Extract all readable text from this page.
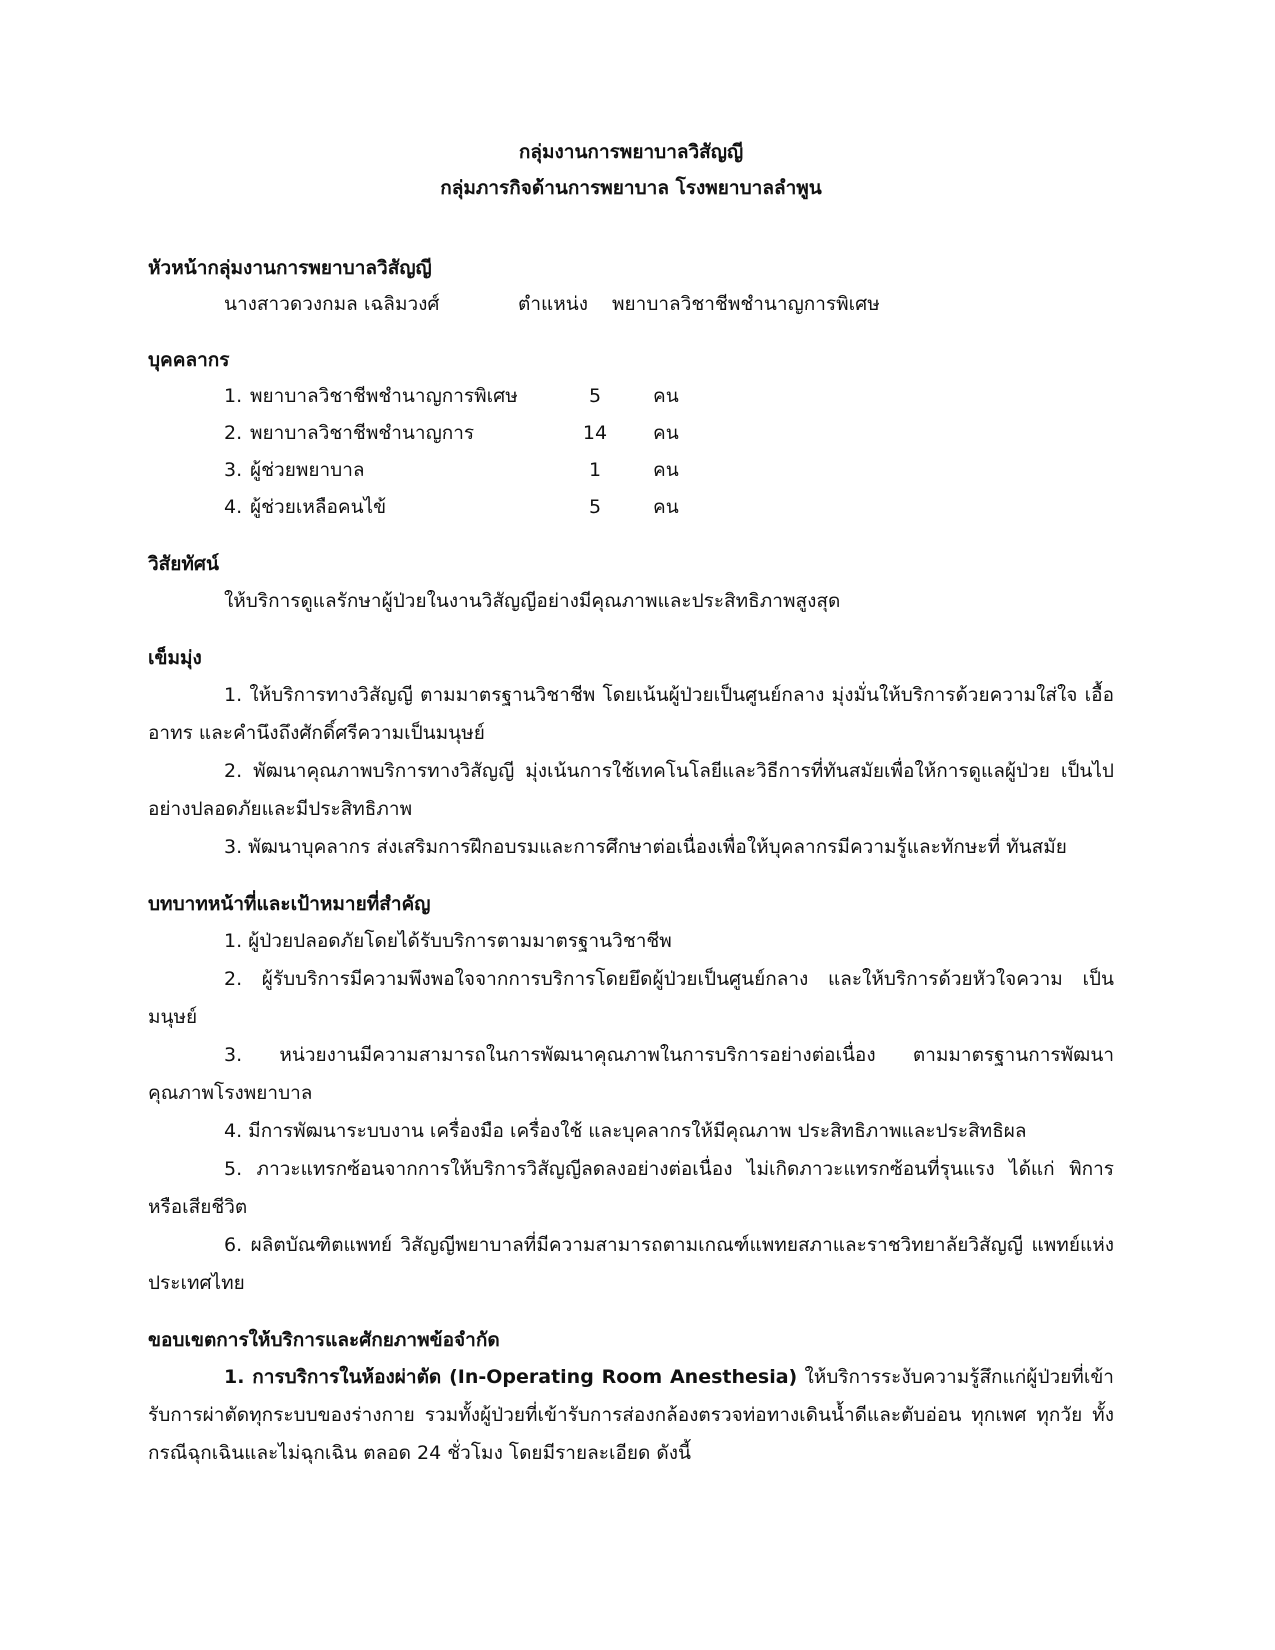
กลุ่มงานการพยาบาลวิสัญญี
กลุ่มภารกิจด้านการพยาบาล โรงพยาบาลลำพูน
หัวหน้ากลุ่มงานการพยาบาลวิสัญญี
นางสาวดวงกมล เฉลิมวงศ์	ตำแหน่ง	พยาบาลวิชาชีพชำนาญการพิเศษ
บุคคลากร
1. พยาบาลวิชาชีพชำนาญการพิเศษ	5	คน
2. พยาบาลวิชาชีพชำนาญการ	14	คน
3. ผู้ช่วยพยาบาล	1	คน
4. ผู้ช่วยเหลือคนไข้	5	คน
วิสัยทัศน์

ให้บริการดูแลรักษาผู้ป่วยในงานวิสัญญีอย่างมีคุณภาพและประสิทธิภาพสูงสุด

เข็มมุ่ง

1. ให้บริการทางวิสัญญี ตามมาตรฐานวิชาชีพ โดยเน้นผู้ป่วยเป็นศูนย์กลาง มุ่งมั่นให้บริการด้วยความใส่ใจ เอื้ออาทร และคำนึงถึงศักดิ์ศรีความเป็นมนุษย์

2. พัฒนาคุณภาพบริการทางวิสัญญี มุ่งเน้นการใช้เทคโนโลยีและวิธีการที่ทันสมัยเพื่อให้การดูแลผู้ป่วย เป็นไปอย่างปลอดภัยและมีประสิทธิภาพ

3. พัฒนาบุคลากร ส่งเสริมการฝึกอบรมและการศึกษาต่อเนื่องเพื่อให้บุคลากรมีความรู้และทักษะที่ ทันสมัย

บทบาทหน้าที่และเป้าหมายที่สำคัญ

1. ผู้ป่วยปลอดภัยโดยได้รับบริการตามมาตรฐานวิชาชีพ

2. ผู้รับบริการมีความพึงพอใจจากการบริการโดยยึดผู้ป่วยเป็นศูนย์กลาง และให้บริการด้วยหัวใจความ เป็นมนุษย์

3. หน่วยงานมีความสามารถในการพัฒนาคุณภาพในการบริการอย่างต่อเนื่อง ตามมาตรฐานการพัฒนา คุณภาพโรงพยาบาล

4. มีการพัฒนาระบบงาน เครื่องมือ เครื่องใช้ และบุคลากรให้มีคุณภาพ ประสิทธิภาพและประสิทธิผล

5. ภาวะแทรกซ้อนจากการให้บริการวิสัญญีลดลงอย่างต่อเนื่อง ไม่เกิดภาวะแทรกซ้อนที่รุนแรง ได้แก่ พิการ หรือเสียชีวิต

6. ผลิตบัณฑิตแพทย์ วิสัญญีพยาบาลที่มีความสามารถตามเกณฑ์แพทยสภาและราชวิทยาลัยวิสัญญี แพทย์แห่งประเทศไทย

ขอบเขตการให้บริการและศักยภาพข้อจำกัด

1. การบริการในห้องผ่าตัด (In-Operating Room Anesthesia) ให้บริการระงับความรู้สึกแก่ผู้ป่วยที่เข้ารับการผ่าตัดทุกระบบของร่างกาย รวมทั้งผู้ป่วยที่เข้ารับการส่องกล้องตรวจท่อทางเดินน้ำดีและตับอ่อน ทุกเพศ ทุกวัย ทั้งกรณีฉุกเฉินและไม่ฉุกเฉิน ตลอด 24 ชั่วโมง โดยมีรายละเอียด ดังนี้
